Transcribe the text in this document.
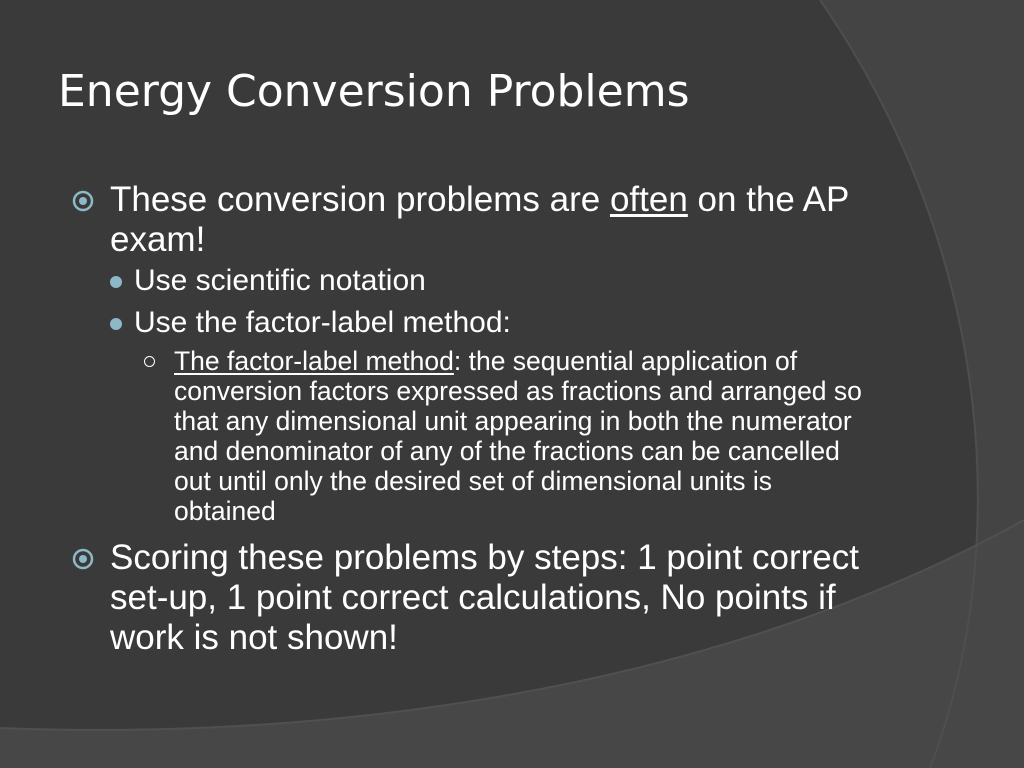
Energy Conversion Problems
These conversion problems are often on the AP exam!
Use scientific notation
Use the factor-label method:
The factor-label method: the sequential application of conversion factors expressed as fractions and arranged so that any dimensional unit appearing in both the numerator and denominator of any of the fractions can be cancelled out until only the desired set of dimensional units is obtained
Scoring these problems by steps: 1 point correct set-up, 1 point correct calculations, No points if work is not shown!
